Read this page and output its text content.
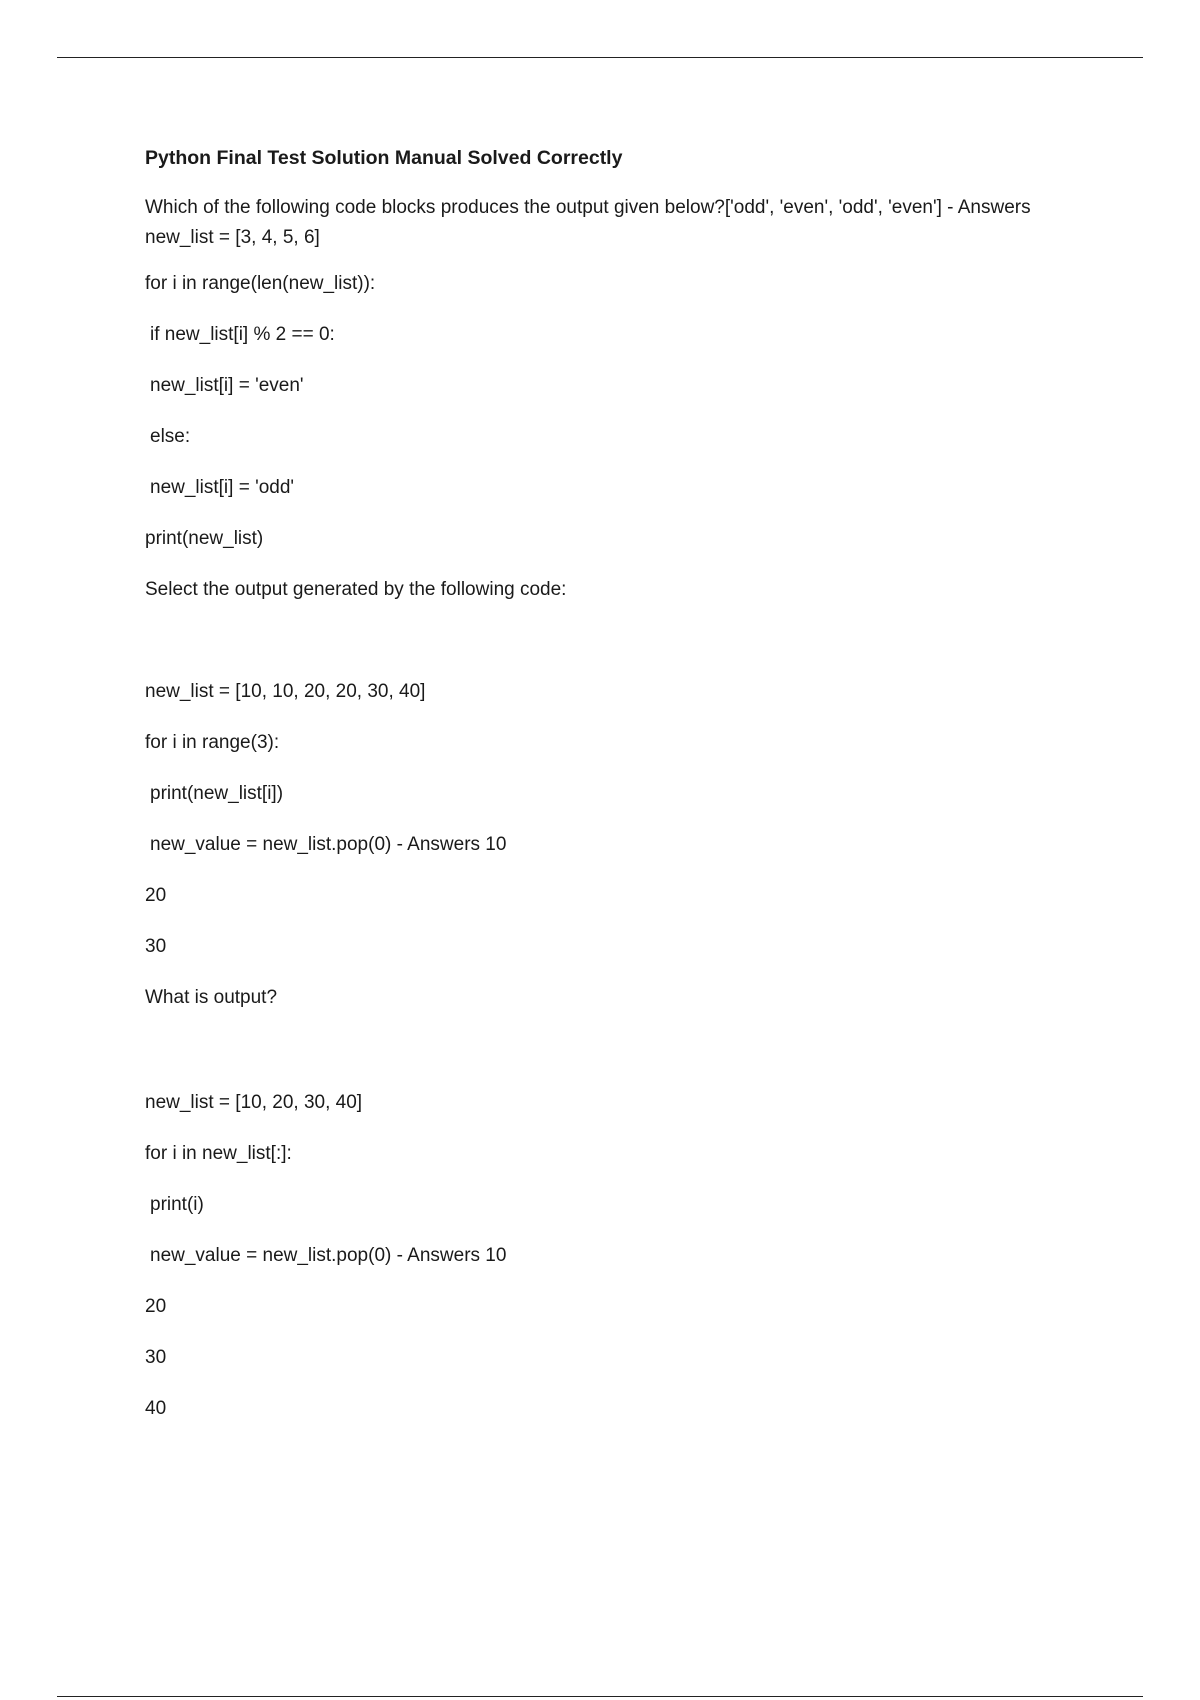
Python Final Test Solution Manual Solved Correctly

Which of the following code blocks produces the output given below?['odd', 'even', 'odd', 'even'] - Answers new_list = [3, 4, 5, 6]

for i in range(len(new_list)):

if new_list[i] % 2 == 0:

new_list[i] = 'even'

else:

new_list[i] = 'odd'

print(new_list)

Select the output generated by the following code:

new_list = [10, 10, 20, 20, 30, 40]

for i in range(3):

print(new_list[i])

new_value = new_list.pop(0) - Answers 10

20

30

What is output?

new_list = [10, 20, 30, 40]

for i in new_list[:]:

print(i)

new_value = new_list.pop(0) - Answers 10

20

30

40
